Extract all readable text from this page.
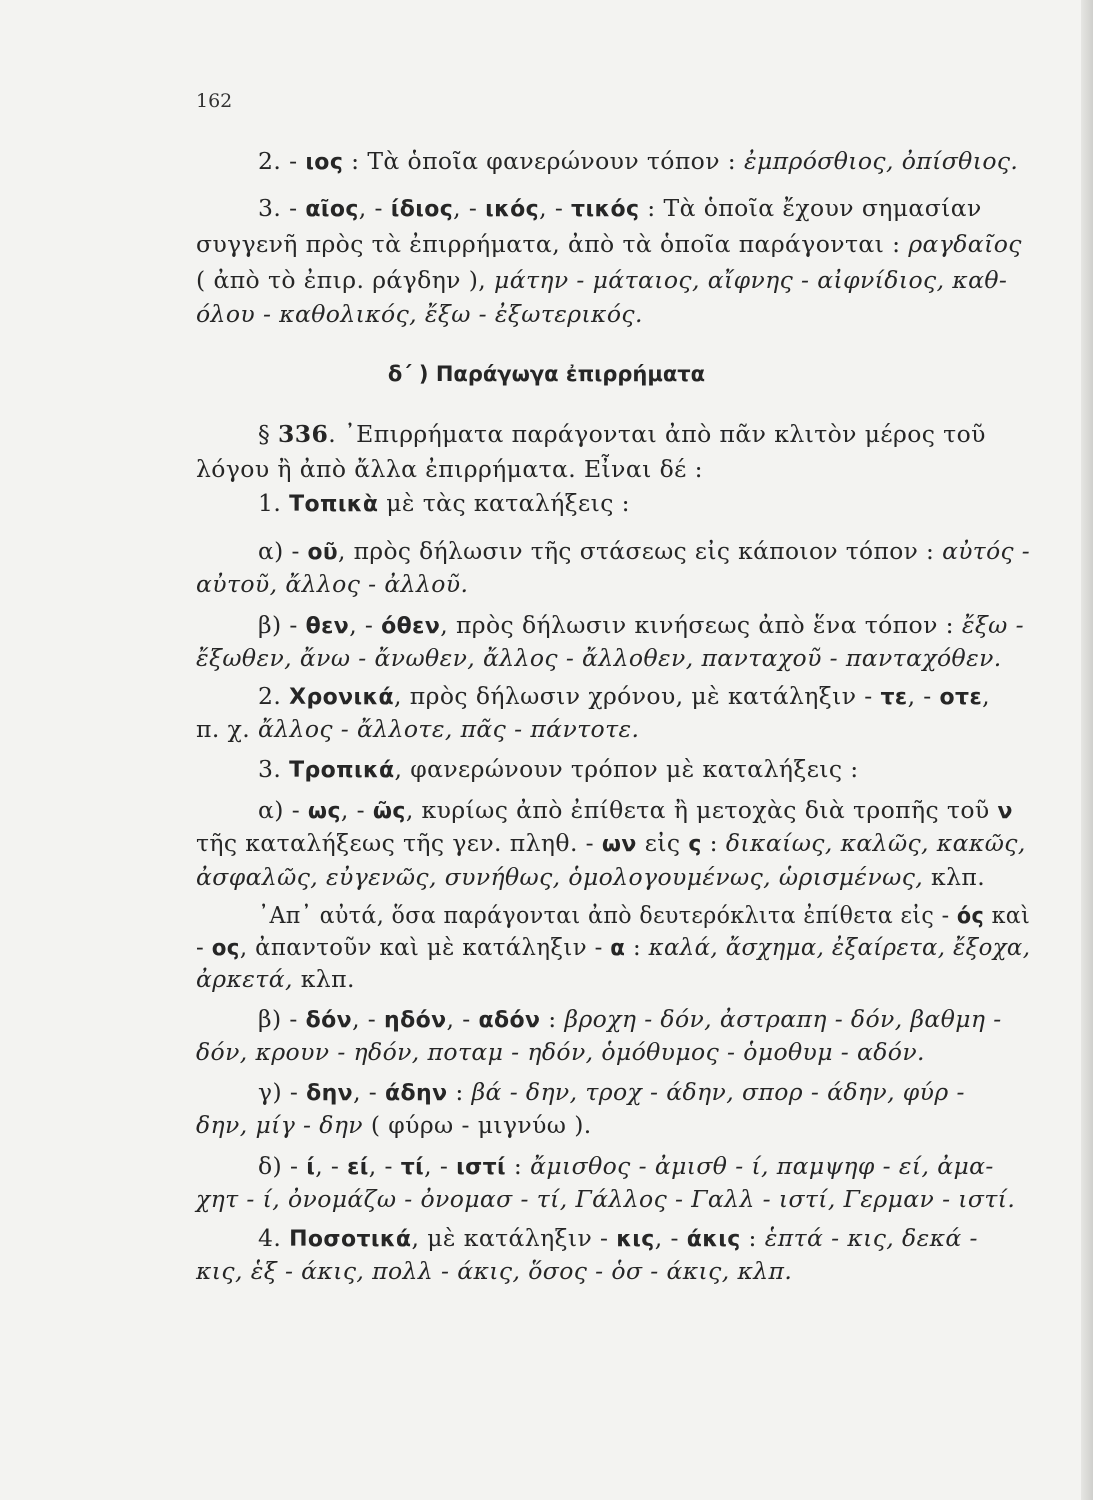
162
2. - ιος : Τὰ ὁποῖα φανερώνουν τόπον : ἐμπρόσθιος, ὀπίσθιος.
3. - αῖος, - ίδιος, - ικός, - τικός : Τὰ ὁποῖα ἔχουν σημασίαν
συγγενῆ πρὸς τὰ ἐπιρρήματα, ἀπὸ τὰ ὁποῖα παράγονται : ραγδαῖος
( ἀπὸ τὸ ἐπιρ. ράγδην ), μάτην - μάταιος, αἴφνης - αἰφνίδιος, καθ-
όλου - καθολικός, ἔξω - ἐξωτερικός.
δ΄ ) Παράγωγα ἐπιρρήματα
§ 336. ᾿Επιρρήματα παράγονται ἀπὸ πᾶν κλιτὸν μέρος τοῦ
λόγου ἢ ἀπὸ ἄλλα ἐπιρρήματα. Εἶναι δέ :
1. Τοπικὰ μὲ τὰς καταλήξεις :
α) - οῦ, πρὸς δήλωσιν τῆς στάσεως εἰς κάποιον τόπον : αὐτός -
αὐτοῦ, ἄλλος - ἀλλοῦ.
β) - θεν, - όθεν, πρὸς δήλωσιν κινήσεως ἀπὸ ἕνα τόπον : ἔξω -
ἔξωθεν, ἄνω - ἄνωθεν, ἄλλος - ἄλλοθεν, πανταχοῦ - πανταχόθεν.
2. Χρονικά, πρὸς δήλωσιν χρόνου, μὲ κατάληξιν - τε, - οτε,
π. χ. ἄλλος - ἄλλοτε, πᾶς - πάντοτε.
3. Τροπικά, φανερώνουν τρόπον μὲ καταλήξεις :
α) - ως, - ῶς, κυρίως ἀπὸ ἐπίθετα ἢ μετοχὰς διὰ τροπῆς τοῦ ν
τῆς καταλήξεως τῆς γεν. πληθ. - ων εἰς ς : δικαίως, καλῶς, κακῶς,
ἀσφαλῶς, εὐγενῶς, συνήθως, ὁμολογουμένως, ὡρισμένως, κλπ.
᾿Απ᾿ αὐτά, ὅσα παράγονται ἀπὸ δευτερόκλιτα ἐπίθετα εἰς - ός καὶ
- ος, ἀπαντοῦν καὶ μὲ κατάληξιν - α : καλά, ἄσχημα, ἐξαίρετα, ἔξοχα,
ἀρκετά, κλπ.
β) - δόν, - ηδόν, - αδόν : βροχη - δόν, ἀστραπη - δόν, βαθμη -
δόν, κρουν - ηδόν, ποταμ - ηδόν, ὁμόθυμος - ὁμοθυμ - αδόν.
γ) - δην, - άδην : βά - δην, τροχ - άδην, σπορ - άδην, φύρ -
δην, μίγ - δην ( φύρω - μιγνύω ).
δ) - ί, - εί, - τί, - ιστί : ἄμισθος - ἀμισθ - ί, παμψηφ - εί, ἀμα-
χητ - ί, ὀνομάζω - ὀνομασ - τί, Γάλλος - Γαλλ - ιστί, Γερμαν - ιστί.
4. Ποσοτικά, μὲ κατάληξιν - κις, - άκις : ἑπτά - κις, δεκά -
κις, ἑξ - άκις, πολλ - άκις, ὅσος - ὁσ - άκις, κλπ.
